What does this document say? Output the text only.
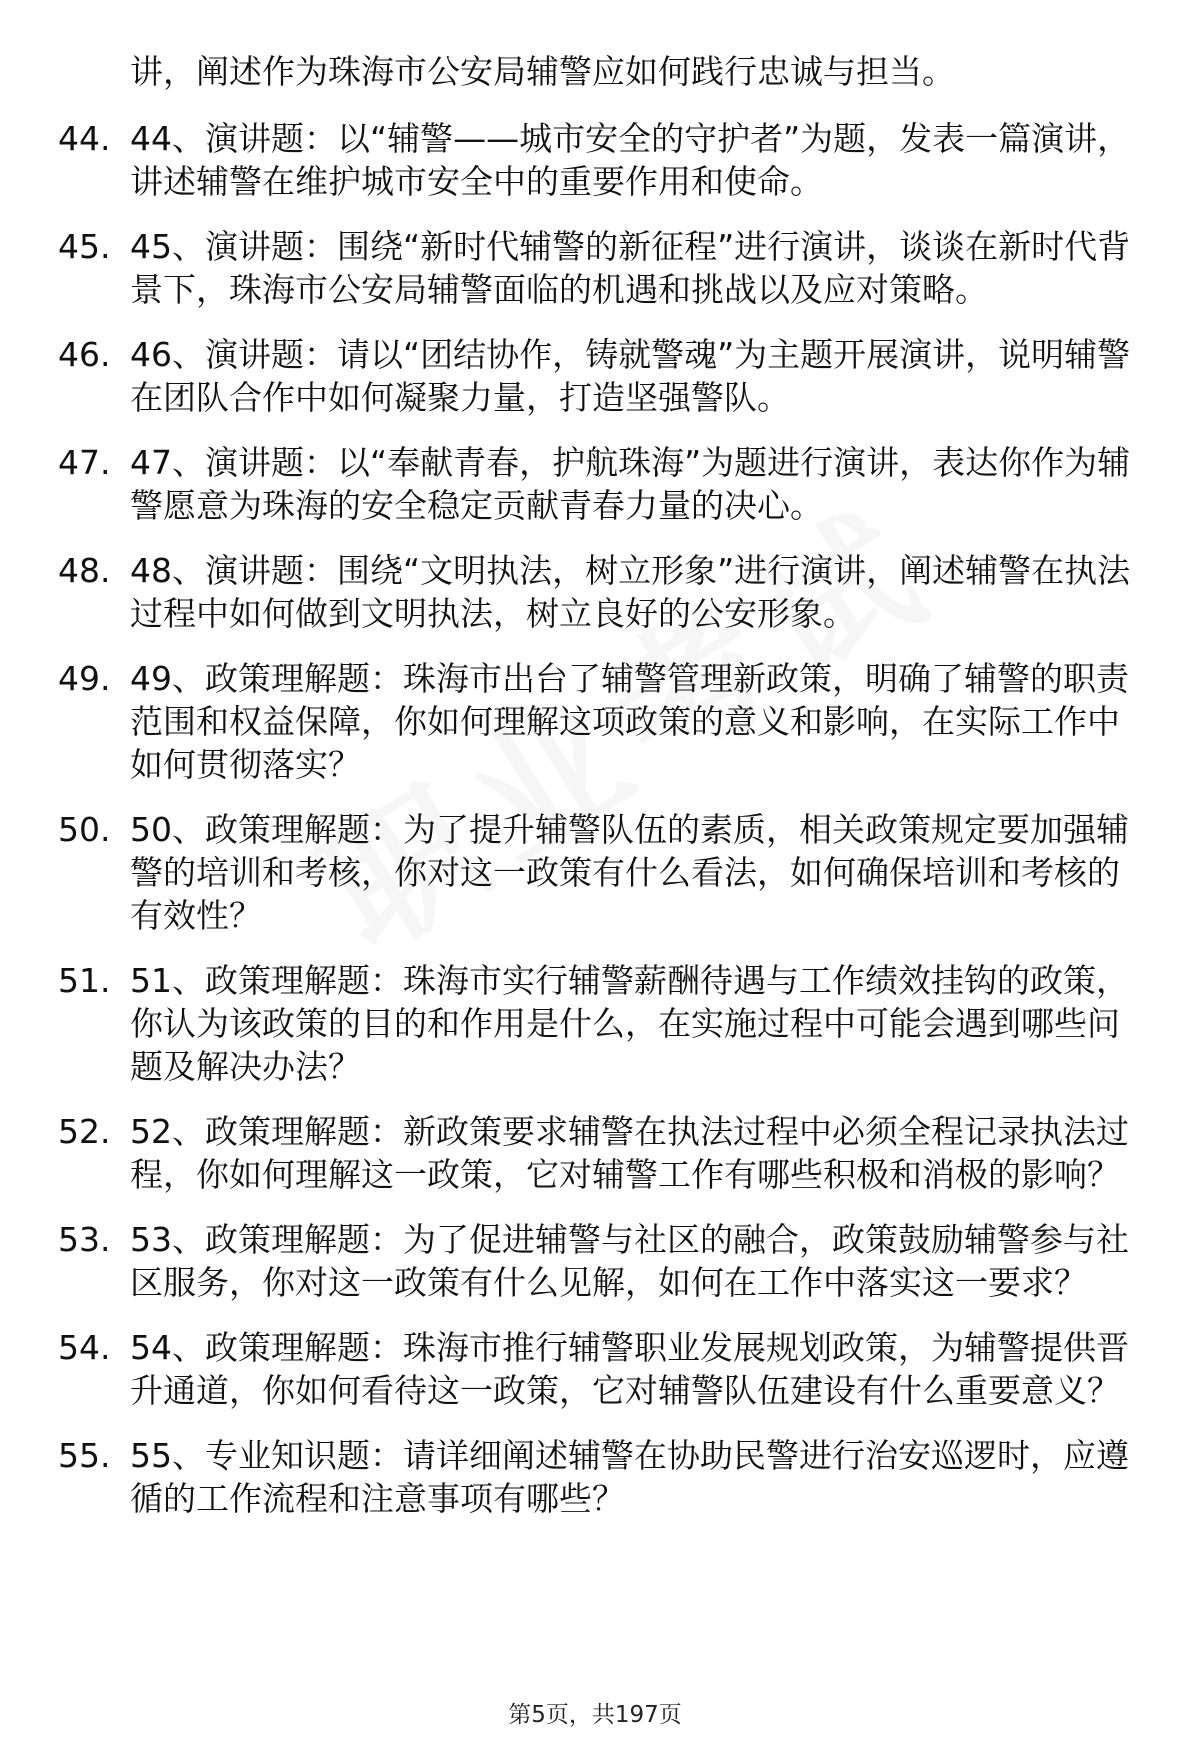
讲，阐述作为珠海市公安局辅警应如何践行忠诚与担当。

44. 44、演讲题：以“辅警——城市安全的守护者”为题，发表一篇演讲，讲述辅警在维护城市安全中的重要作用和使命。
45. 45、演讲题：围绕“新时代辅警的新征程”进行演讲，谈谈在新时代背景下，珠海市公安局辅警面临的机遇和挑战以及应对策略。
46. 46、演讲题：请以“团结协作，铸就警魂”为主题开展演讲，说明辅警在团队合作中如何凝聚力量，打造坚强警队。
47. 47、演讲题：以“奉献青春，护航珠海”为题进行演讲，表达你作为辅警愿意为珠海的安全稳定贡献青春力量的决心。
48. 48、演讲题：围绕“文明执法，树立形象”进行演讲，阐述辅警在执法过程中如何做到文明执法，树立良好的公安形象。
49. 49、政策理解题：珠海市出台了辅警管理新政策，明确了辅警的职责范围和权益保障，你如何理解这项政策的意义和影响，在实际工作中如何贯彻落实？
50. 50、政策理解题：为了提升辅警队伍的素质，相关政策规定要加强辅警的培训和考核，你对这一政策有什么看法，如何确保培训和考核的有效性？
51. 51、政策理解题：珠海市实行辅警薪酬待遇与工作绩效挂钩的政策，你认为该政策的目的和作用是什么，在实施过程中可能会遇到哪些问题及解决办法？
52. 52、政策理解题：新政策要求辅警在执法过程中必须全程记录执法过程，你如何理解这一政策，它对辅警工作有哪些积极和消极的影响？
53. 53、政策理解题：为了促进辅警与社区的融合，政策鼓励辅警参与社区服务，你对这一政策有什么见解，如何在工作中落实这一要求？
54. 54、政策理解题：珠海市推行辅警职业发展规划政策，为辅警提供晋升通道，你如何看待这一政策，它对辅警队伍建设有什么重要意义？
55. 55、专业知识题：请详细阐述辅警在协助民警进行治安巡逻时，应遵循的工作流程和注意事项有哪些？
第5页，共197页
